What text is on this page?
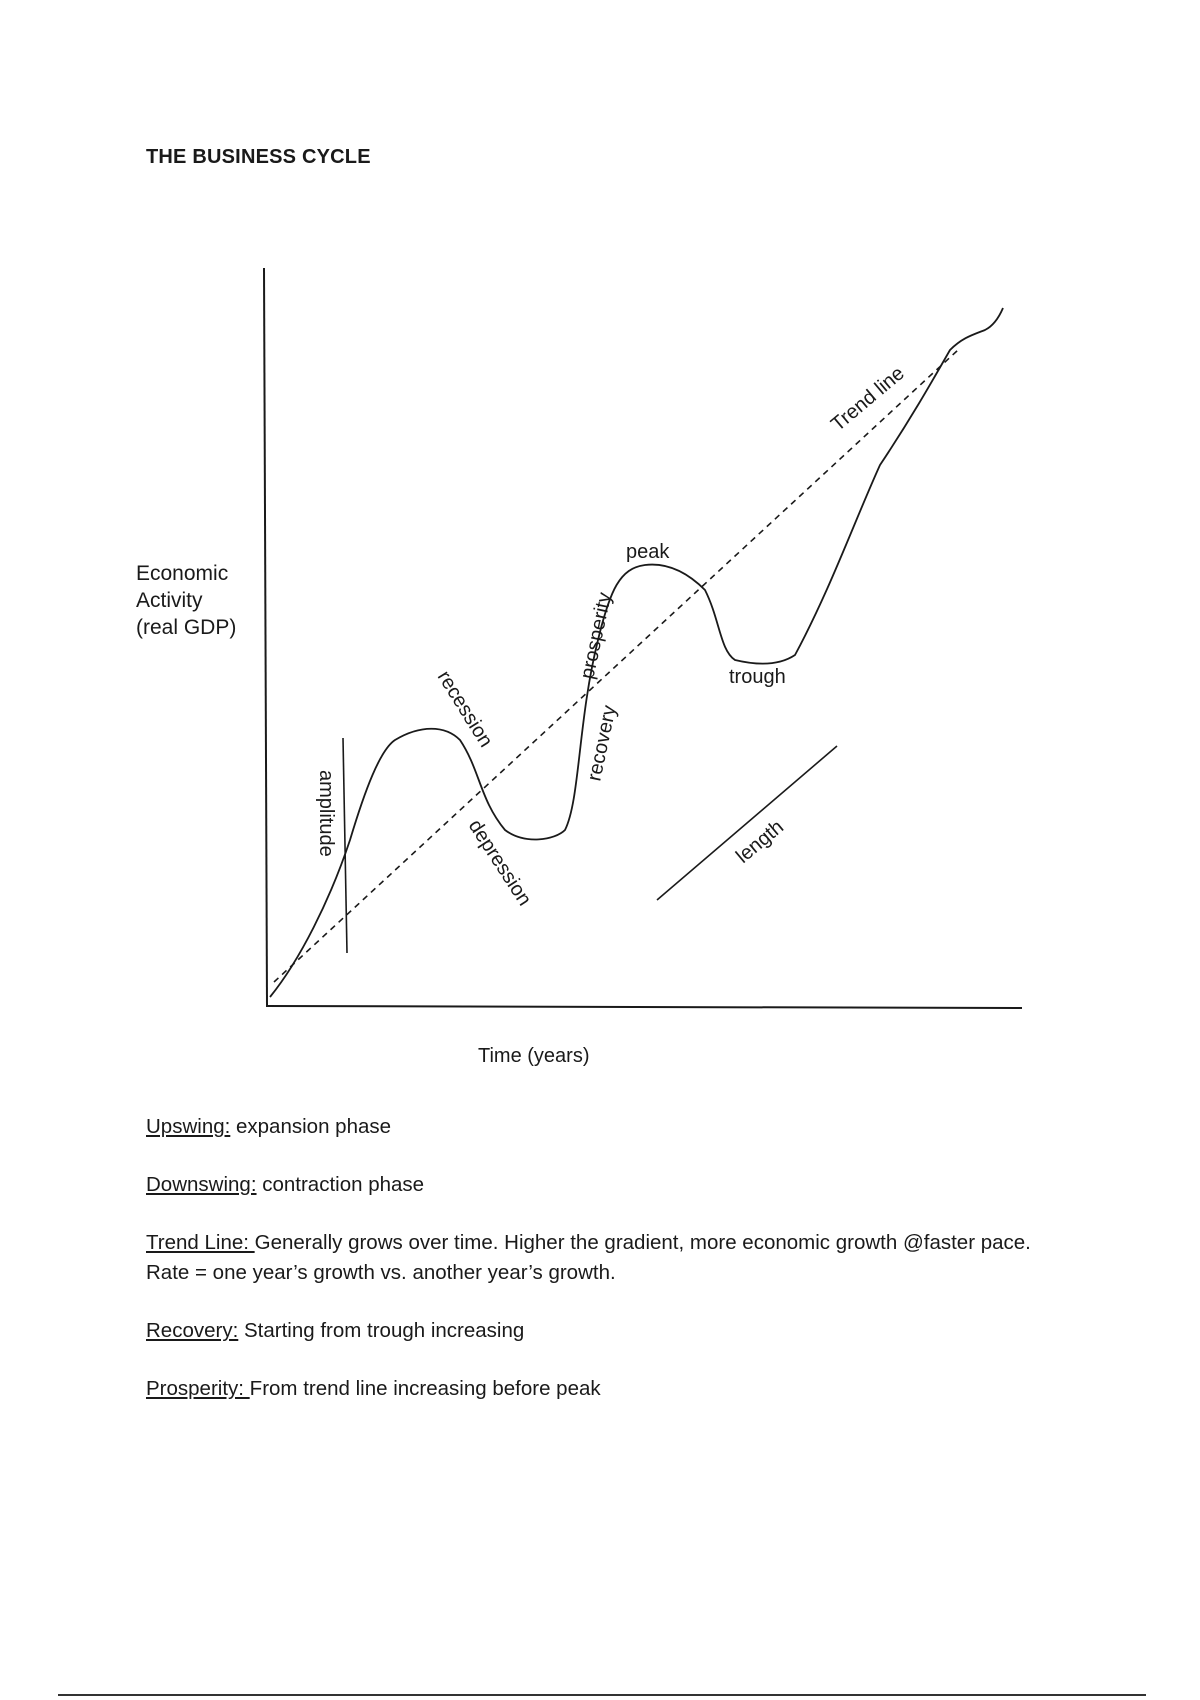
THE BUSINESS CYCLE
Economic Activity (real GDP)
Time (years)
Trend line
peak
trough
prosperity
recovery
recession
depression
amplitude	length

Upswing: expansion phase

Downswing: contraction phase

Trend Line: Generally grows over time. Higher the gradient, more economic growth @faster pace. Rate = one year’s growth vs. another year’s growth.

Recovery: Starting from trough increasing

Prosperity: From trend line increasing before peak
